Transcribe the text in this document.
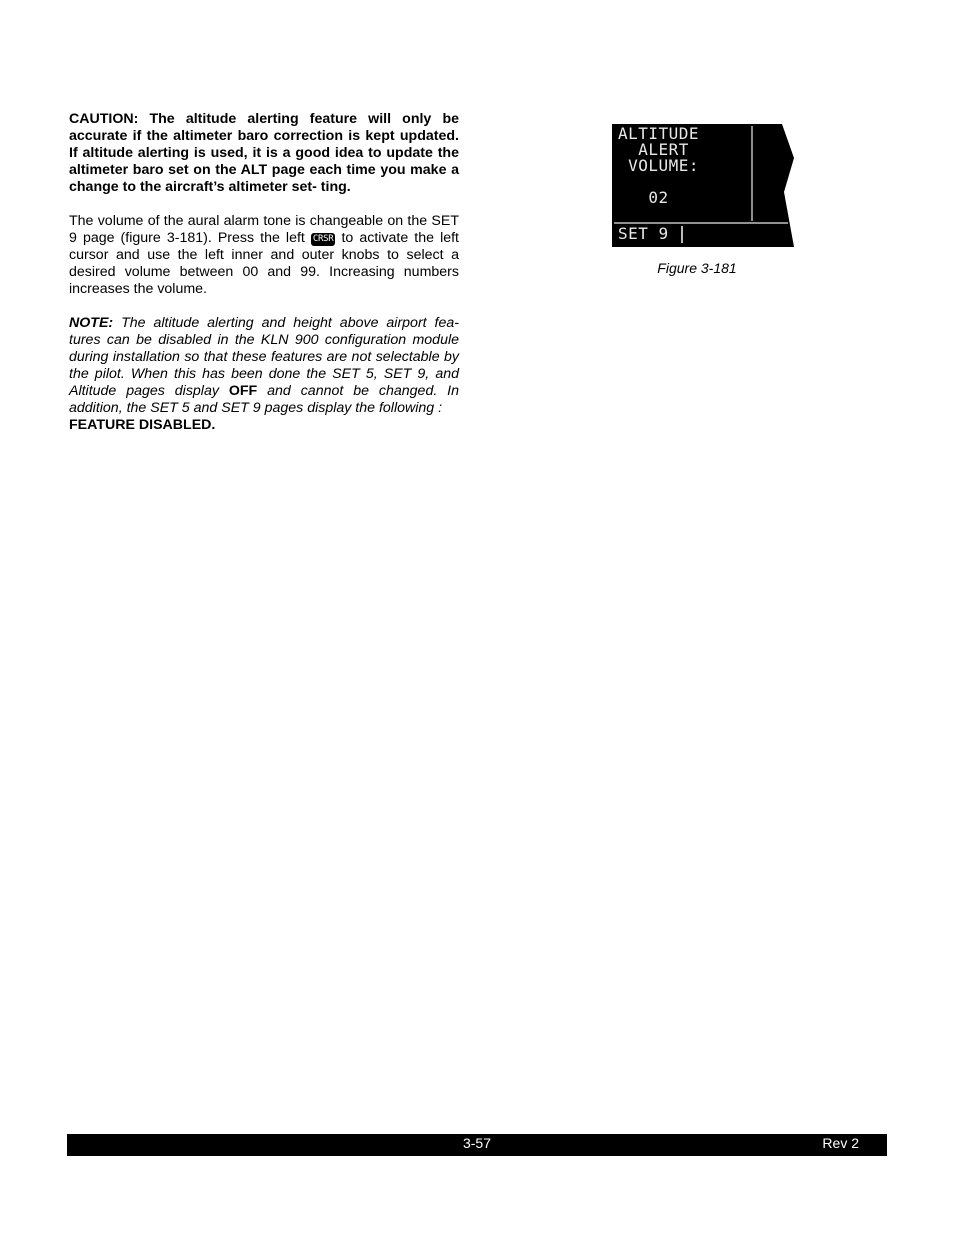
CAUTION: The altitude alerting feature will only be accurate if the altimeter baro correction is kept updated. If altitude alerting is used, it is a good idea to update the altimeter baro set on the ALT page each time you make a change to the aircraft’s altimeter set- ting.

The volume of the aural alarm tone is changeable on the SET 9 page (figure 3-181). Press the left CRSR to activate the left cursor and use the left inner and outer knobs to select a desired volume between 00 and 99. Increasing numbers increases the volume.

NOTE: The altitude alerting and height above airport fea- tures can be disabled in the KLN 900 configuration module during installation so that these features are not selectable by the pilot. When this has been done the SET 5, SET 9, and Altitude pages display OFF and cannot be changed. In addition, the SET 5 and SET 9 pages display the following :

FEATURE DISABLED.
ALTITUDE
ALERT
VOLUME:
02
SET 9
Figure 3-181
3-57	Rev 2
